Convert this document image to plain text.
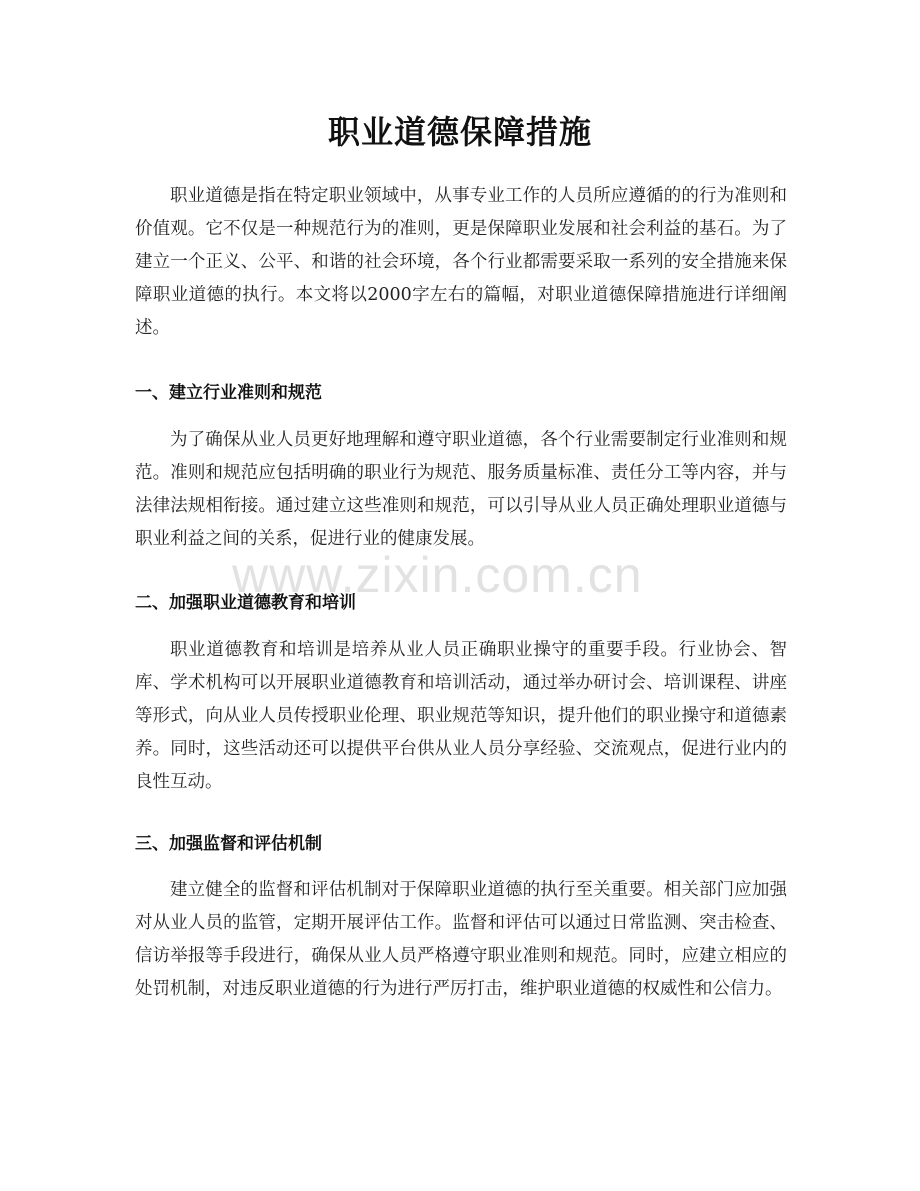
职业道德保障措施

职业道德是指在特定职业领域中，从事专业工作的人员所应遵循的的行为准则和价值观。它不仅是一种规范行为的准则，更是保障职业发展和社会利益的基石。为了建立一个正义、公平、和谐的社会环境，各个行业都需要采取一系列的安全措施来保障职业道德的执行。本文将以2000字左右的篇幅，对职业道德保障措施进行详细阐述。

一、建立行业准则和规范

为了确保从业人员更好地理解和遵守职业道德，各个行业需要制定行业准则和规范。准则和规范应包括明确的职业行为规范、服务质量标准、责任分工等内容，并与法律法规相衔接。通过建立这些准则和规范，可以引导从业人员正确处理职业道德与职业利益之间的关系，促进行业的健康发展。

二、加强职业道德教育和培训

职业道德教育和培训是培养从业人员正确职业操守的重要手段。行业协会、智库、学术机构可以开展职业道德教育和培训活动，通过举办研讨会、培训课程、讲座等形式，向从业人员传授职业伦理、职业规范等知识，提升他们的职业操守和道德素养。同时，这些活动还可以提供平台供从业人员分享经验、交流观点，促进行业内的良性互动。

三、加强监督和评估机制

建立健全的监督和评估机制对于保障职业道德的执行至关重要。相关部门应加强对从业人员的监管，定期开展评估工作。监督和评估可以通过日常监测、突击检查、信访举报等手段进行，确保从业人员严格遵守职业准则和规范。同时，应建立相应的处罚机制，对违反职业道德的行为进行严厉打击，维护职业道德的权威性和公信力。

www.zixin.com.cn
